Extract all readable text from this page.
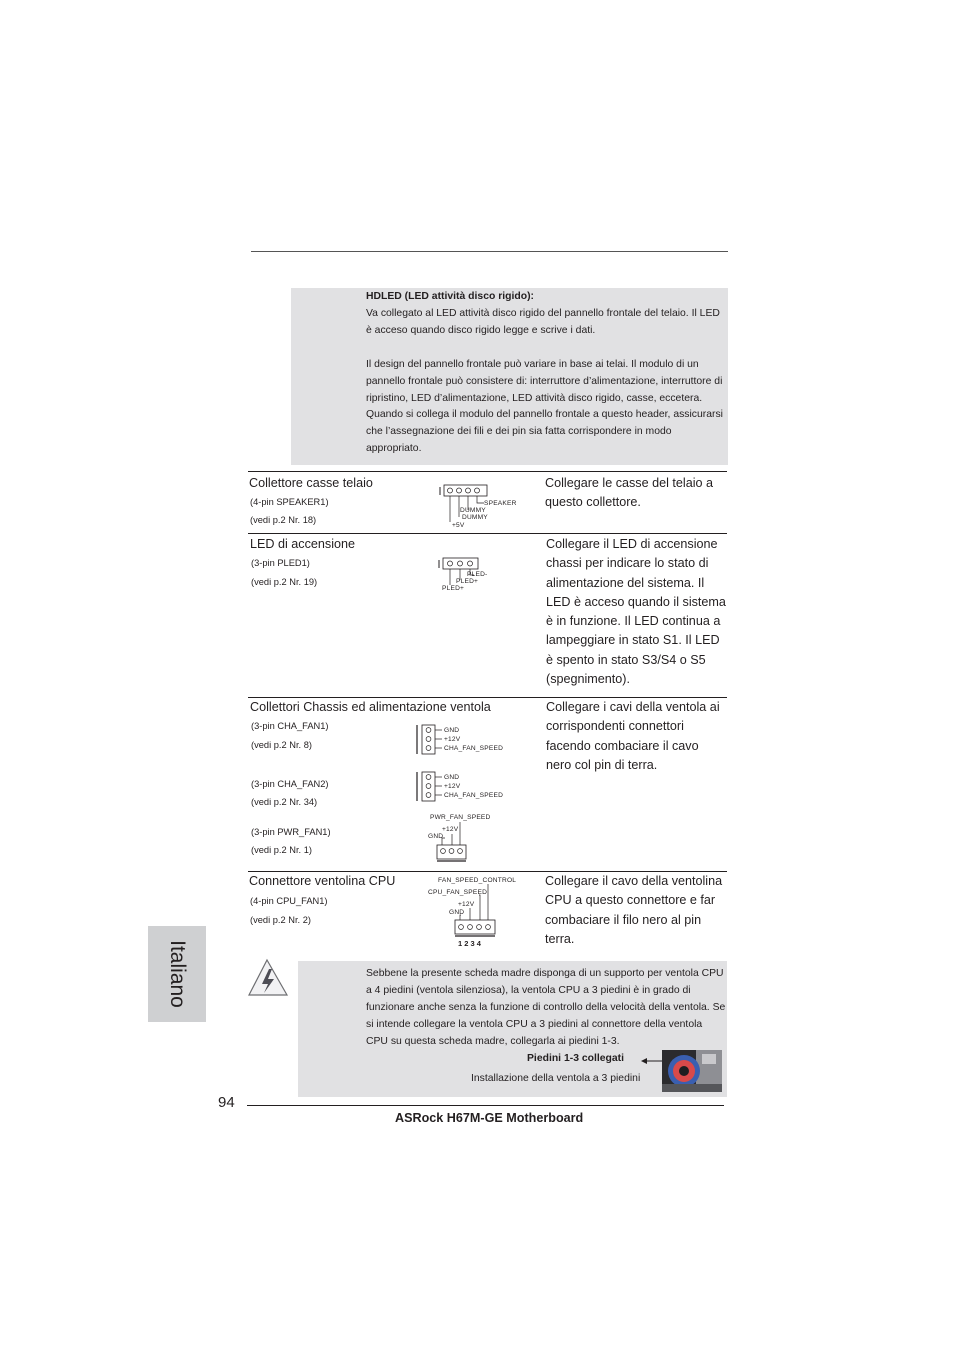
HDLED (LED attività disco rigido):

Va collegato al LED attività disco rigido del pannello frontale del telaio. Il LED è acceso quando disco rigido legge e scrive i dati.

Il design del pannello frontale può variare in base ai telai. Il modulo di un pannello frontale può consistere di: interruttore d’alimentazione, interruttore di ripristino, LED d’alimentazione, LED attività disco rigido, casse, eccetera. Quando si collega il modulo del pannello frontale a questo header, assicurarsi che l’assegnazione dei fili e dei pin sia fatta corrispondere in modo appropriato.

Collettore casse telaio
(4-pin SPEAKER1)
(vedi p.2 Nr. 18)
Collegare le casse del telaio a
questo collettore.
SPEAKER
DUMMY
DUMMY
+5V
LED di accensione
(3-pin PLED1)
(vedi p.2 Nr. 19)
Collegare il LED di accensione
chassi per indicare lo stato di
alimentazione del sistema. Il
LED è acceso quando il sistema
è in funzione. Il LED continua a
lampeggiare in stato S1. Il LED
è spento in stato S3/S4 o S5
(spegnimento).
PLED-
PLED+
PLED+
Collettori Chassis ed alimentazione ventola
(3-pin CHA_FAN1)
(vedi p.2 Nr. 8)
(3-pin CHA_FAN2)
(vedi p.2 Nr. 34)
(3-pin PWR_FAN1)
(vedi p.2 Nr. 1)
Collegare i cavi della ventola ai
corrispondenti connettori
facendo combaciare il cavo
nero col pin di terra.
GND
+12V
CHA_FAN_SPEED
GND
+12V
CHA_FAN_SPEED
PWR_FAN_SPEED
+12V
GND
Connettore ventolina CPU
(4-pin CPU_FAN1)
(vedi p.2 Nr. 2)
Collegare il cavo della ventolina
CPU a questo connettore e far
combaciare il filo nero al pin
terra.
FAN_SPEED_CONTROL
CPU_FAN_SPEED
+12V
GND
1 2 3 4
Italiano	Sebbene la presente scheda madre disponga di un supporto per ventola CPU a 4 piedini (ventola silenziosa), la ventola CPU a 3 piedini è in grado di funzionare anche senza la funzione di controllo della velocità della ventola. Se si intende collegare la ventola CPU a 3 piedini al connettore della ventola CPU su questa scheda madre, collegarla ai piedini 1-3.
Piedini 1-3 collegati
Installazione della ventola a 3 piedini
94
ASRock H67M-GE Motherboard
